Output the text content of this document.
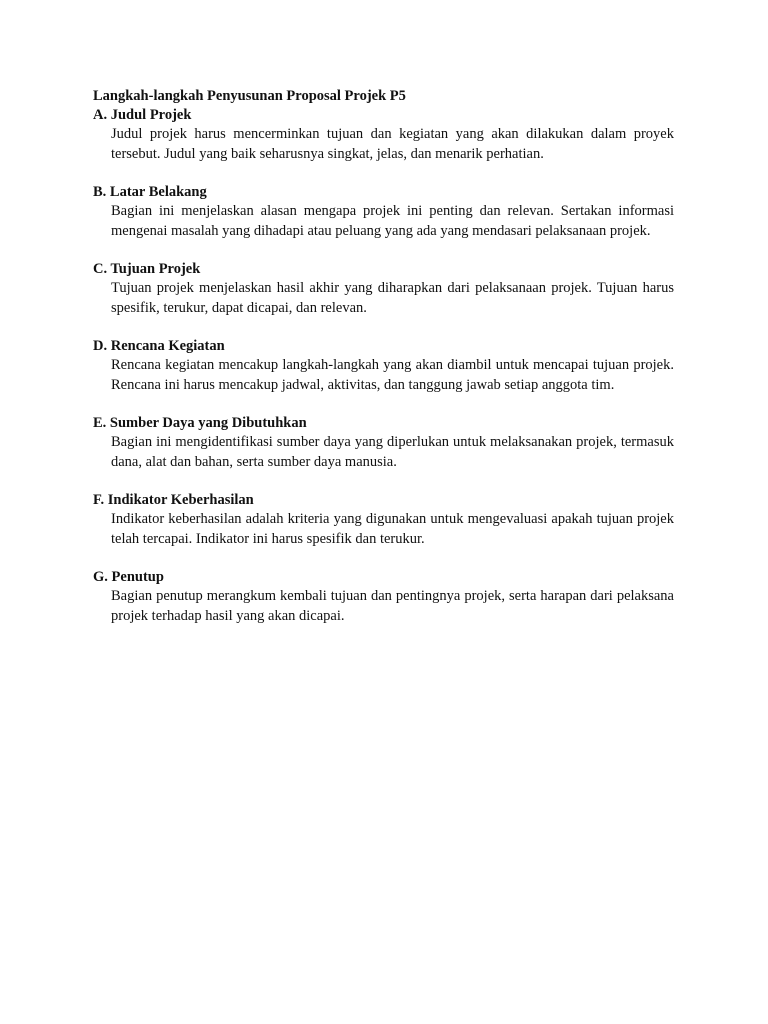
Langkah-langkah Penyusunan Proposal Projek P5

A. Judul Projek

Judul projek harus mencerminkan tujuan dan kegiatan yang akan dilakukan dalam proyek tersebut. Judul yang baik seharusnya singkat, jelas, dan menarik perhatian.

B. Latar Belakang

Bagian ini menjelaskan alasan mengapa projek ini penting dan relevan. Sertakan informasi mengenai masalah yang dihadapi atau peluang yang ada yang mendasari pelaksanaan projek.

C. Tujuan Projek

Tujuan projek menjelaskan hasil akhir yang diharapkan dari pelaksanaan projek. Tujuan harus spesifik, terukur, dapat dicapai, dan relevan.

D. Rencana Kegiatan

Rencana kegiatan mencakup langkah-langkah yang akan diambil untuk mencapai tujuan projek. Rencana ini harus mencakup jadwal, aktivitas, dan tanggung jawab setiap anggota tim.

E. Sumber Daya yang Dibutuhkan

Bagian ini mengidentifikasi sumber daya yang diperlukan untuk melaksanakan projek, termasuk dana, alat dan bahan, serta sumber daya manusia.

F. Indikator Keberhasilan

Indikator keberhasilan adalah kriteria yang digunakan untuk mengevaluasi apakah tujuan projek telah tercapai. Indikator ini harus spesifik dan terukur.

G. Penutup

Bagian penutup merangkum kembali tujuan dan pentingnya projek, serta harapan dari pelaksana projek terhadap hasil yang akan dicapai.
